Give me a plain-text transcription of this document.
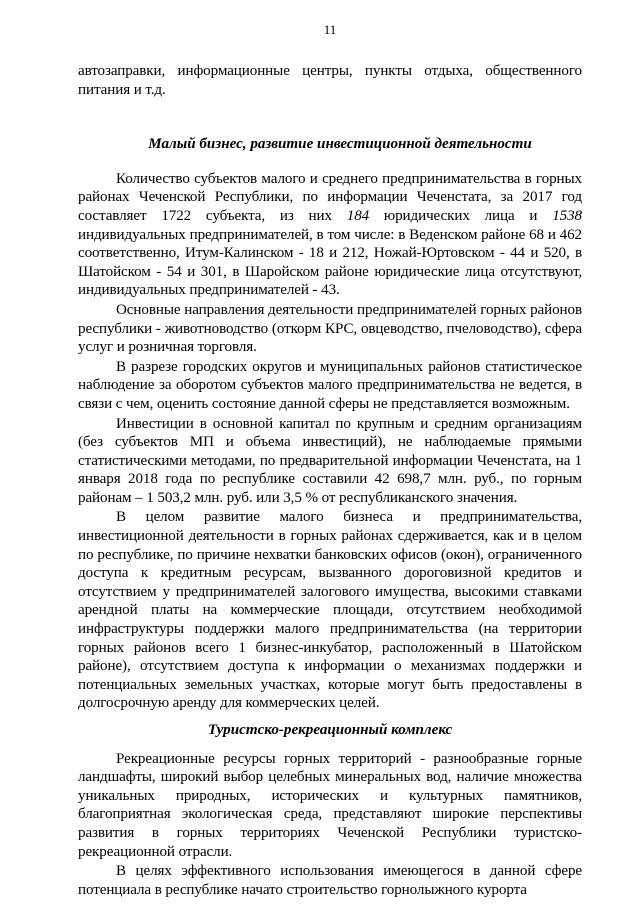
11

автозаправки, информационные центры, пункты отдыха, общественного питания и т.д.

Малый бизнес, развитие инвестиционной деятельности

Количество субъектов малого и среднего предпринимательства в горных районах Чеченской Республики, по информации Чеченстата, за 2017 год составляет 1722 субъекта, из них 184 юридических лица и 1538 индивидуальных предпринимателей, в том числе: в Веденском районе 68 и 462 соответственно, Итум-Калинском - 18 и 212, Ножай-Юртовском - 44 и 520, в Шатойском - 54 и 301, в Шаройском районе юридические лица отсутствуют, индивидуальных предпринимателей - 43.

Основные направления деятельности предпринимателей горных районов республики - животноводство (откорм КРС, овцеводство, пчеловодство), сфера услуг и розничная торговля.

В разрезе городских округов и муниципальных районов статистическое наблюдение за оборотом субъектов малого предпринимательства не ведется, в связи с чем, оценить состояние данной сферы не представляется возможным.

Инвестиции в основной капитал по крупным и средним организациям (без субъектов МП и объема инвестиций), не наблюдаемые прямыми статистическими методами, по предварительной информации Чеченстата, на 1 января 2018 года по республике составили 42 698,7 млн. руб., по горным районам – 1 503,2 млн. руб. или 3,5 % от республиканского значения.

В целом развитие малого бизнеса и предпринимательства, инвестиционной деятельности в горных районах сдерживается, как и в целом по республике, по причине нехватки банковских офисов (окон), ограниченного доступа к кредитным ресурсам, вызванного дороговизной кредитов и отсутствием у предпринимателей залогового имущества, высокими ставками арендной платы на коммерческие площади, отсутствием необходимой инфраструктуры поддержки малого предпринимательства (на территории горных районов всего 1 бизнес-инкубатор, расположенный в Шатойском районе), отсутствием доступа к информации о механизмах поддержки и потенциальных земельных участках, которые могут быть предоставлены в долгосрочную аренду для коммерческих целей.

Туристско-рекреационный комплекс

Рекреационные ресурсы горных территорий - разнообразные горные ландшафты, широкий выбор целебных минеральных вод, наличие множества уникальных природных, исторических и культурных памятников, благоприятная экологическая среда, представляют широкие перспективы развития в горных территориях Чеченской Республики туристско-рекреационной отрасли.

В целях эффективного использования имеющегося в данной сфере потенциала в республике начато строительство горнолыжного курорта
